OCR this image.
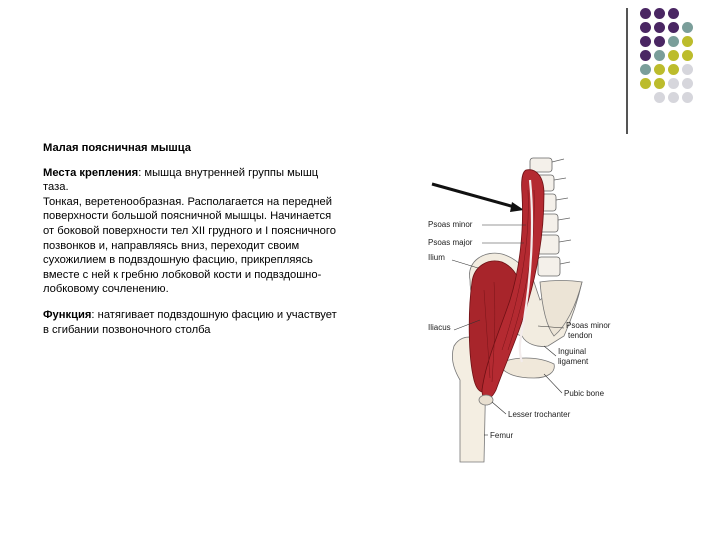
Малая поясничная мышца

Места крепления: мышца внутренней группы мышц таза.

Тонкая, веретенообразная. Располагается на передней поверхности большой поясничной мышцы. Начинается от боковой поверхности тел XII грудного и I поясничного позвонков и, направляясь вниз, переходит своим сухожилием в подвздошную фасцию, прикрепляясь вместе с ней к гребню лобковой кости и подвздошно-лобковому сочленению.

Функция: натягивает подвздошную фасцию и участвует в сгибании позвоночного столба

Psoas minor
Psoas major
Ilium
Iliacus	Psoas minor
tendon
Inguinal
ligament
Pubic bone
Lesser trochanter
Femur
